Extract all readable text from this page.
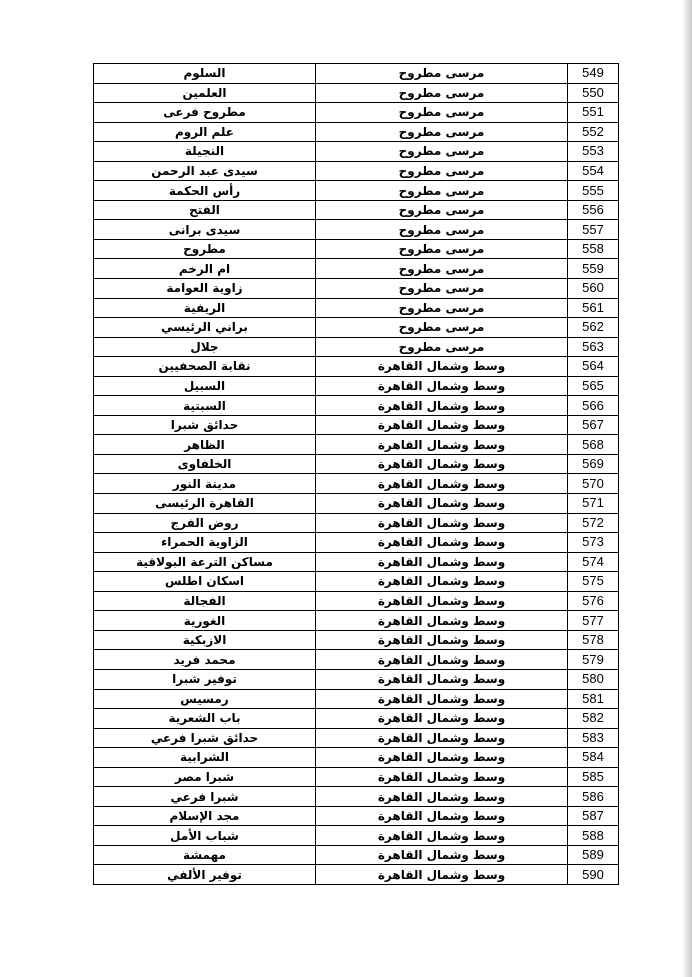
549	مرسى مطروح	السلوم
550	مرسى مطروح	العلمين
551	مرسى مطروح	مطروح فرعى
552	مرسى مطروح	علم الروم
553	مرسى مطروح	النجيلة
554	مرسى مطروح	سيدى عبد الرحمن
555	مرسى مطروح	رأس الحكمة
556	مرسى مطروح	الفتح
557	مرسى مطروح	سيدى برانى
558	مرسى مطروح	مطروح
559	مرسى مطروح	ام الرخم
560	مرسى مطروح	زاوية العوامة
561	مرسى مطروح	الريفية
562	مرسى مطروح	براني الرئيسي
563	مرسى مطروح	جلال
564	وسط وشمال القاهرة	نقابة الصحفيين
565	وسط وشمال القاهرة	السبيل
566	وسط وشمال القاهرة	السبتية
567	وسط وشمال القاهرة	حدائق شبرا
568	وسط وشمال القاهرة	الظاهر
569	وسط وشمال القاهرة	الخلفاوى
570	وسط وشمال القاهرة	مدينة النور
571	وسط وشمال القاهرة	القاهرة الرئيسى
572	وسط وشمال القاهرة	روض الفرج
573	وسط وشمال القاهرة	الزاوية الحمراء
574	وسط وشمال القاهرة	مساكن الترعة البولاقية
575	وسط وشمال القاهرة	اسكان اطلس
576	وسط وشمال القاهرة	الفجالة
577	وسط وشمال القاهرة	الغورية
578	وسط وشمال القاهرة	الازبكية
579	وسط وشمال القاهرة	محمد فريد
580	وسط وشمال القاهرة	توفير شبرا
581	وسط وشمال القاهرة	رمسيس
582	وسط وشمال القاهرة	باب الشعرية
583	وسط وشمال القاهرة	حدائق شبرا فرعي
584	وسط وشمال القاهرة	الشرابية
585	وسط وشمال القاهرة	شبرا مصر
586	وسط وشمال القاهرة	شبرا فرعي
587	وسط وشمال القاهرة	مجد الإسلام
588	وسط وشمال القاهرة	شباب الأمل
589	وسط وشمال القاهرة	مهمشة
590	وسط وشمال القاهرة	توفير الألفي
